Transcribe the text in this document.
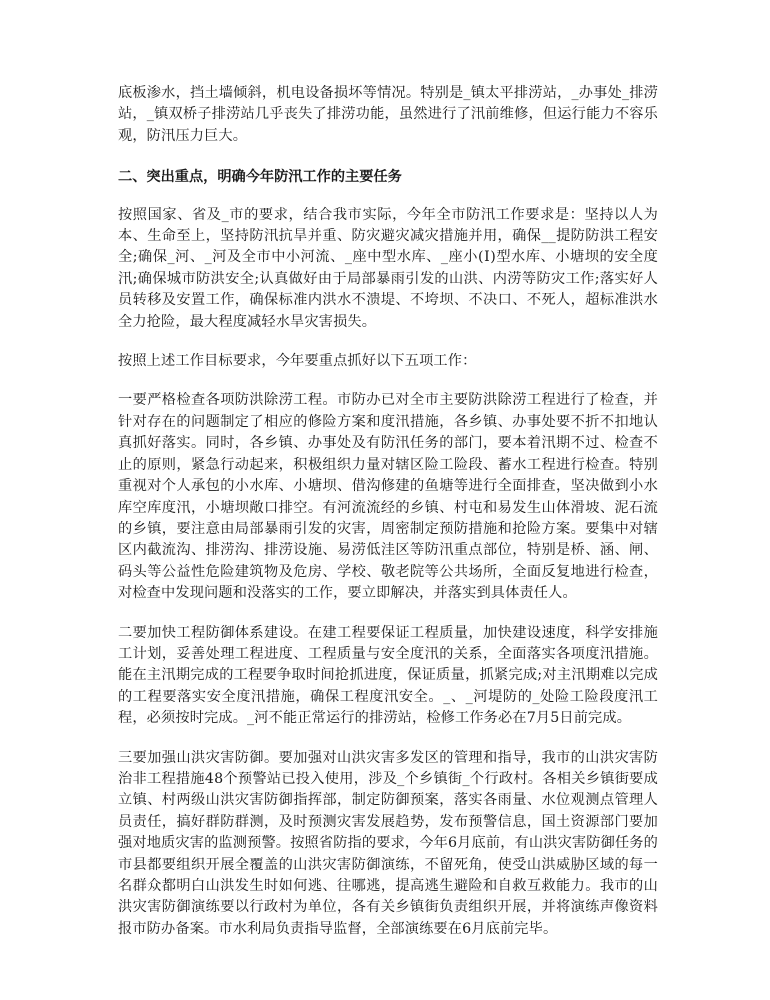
底板渗水，挡土墙倾斜，机电设备损坏等情况。特别是_镇太平排涝站，_办事处_排涝站，_镇双桥子排涝站几乎丧失了排涝功能，虽然进行了汛前维修，但运行能力不容乐观，防汛压力巨大。

二、突出重点，明确今年防汛工作的主要任务

按照国家、省及_市的要求，结合我市实际，今年全市防汛工作要求是：坚持以人为本、生命至上，坚持防汛抗旱并重、防灾避灾减灾措施并用，确保__提防防洪工程安全;确保_河、_河及全市中小河流、_座中型水库、_座小(Ⅰ)型水库、小塘坝的安全度汛;确保城市防洪安全;认真做好由于局部暴雨引发的山洪、内涝等防灾工作;落实好人员转移及安置工作，确保标准内洪水不溃堤、不垮坝、不决口、不死人，超标准洪水全力抢险，最大程度减轻水旱灾害损失。

按照上述工作目标要求，今年要重点抓好以下五项工作：

一要严格检查各项防洪除涝工程。市防办已对全市主要防洪除涝工程进行了检查，并针对存在的问题制定了相应的修险方案和度汛措施，各乡镇、办事处要不折不扣地认真抓好落实。同时，各乡镇、办事处及有防汛任务的部门，要本着汛期不过、检查不止的原则，紧急行动起来，积极组织力量对辖区险工险段、蓄水工程进行检查。特别重视对个人承包的小水库、小塘坝、借沟修建的鱼塘等进行全面排查，坚决做到小水库空库度汛，小塘坝敞口排空。有河流流经的乡镇、村屯和易发生山体滑坡、泥石流的乡镇，要注意由局部暴雨引发的灾害，周密制定预防措施和抢险方案。要集中对辖区内截流沟、排涝沟、排涝设施、易涝低洼区等防汛重点部位，特别是桥、涵、闸、码头等公益性危险建筑物及危房、学校、敬老院等公共场所，全面反复地进行检查，对检查中发现问题和没落实的工作，要立即解决，并落实到具体责任人。

二要加快工程防御体系建设。在建工程要保证工程质量，加快建设速度，科学安排施工计划，妥善处理工程进度、工程质量与安全度汛的关系，全面落实各项度汛措施。能在主汛期完成的工程要争取时间抢抓进度，保证质量，抓紧完成;对主汛期难以完成的工程要落实安全度汛措施，确保工程度汛安全。_、_河堤防的_处险工险段度汛工程，必须按时完成。_河不能正常运行的排涝站，检修工作务必在7月5日前完成。

三要加强山洪灾害防御。要加强对山洪灾害多发区的管理和指导，我市的山洪灾害防治非工程措施48个预警站已投入使用，涉及_个乡镇街_个行政村。各相关乡镇街要成立镇、村两级山洪灾害防御指挥部，制定防御预案，落实各雨量、水位观测点管理人员责任，搞好群防群测，及时预测灾害发展趋势，发布预警信息，国土资源部门要加强对地质灾害的监测预警。按照省防指的要求，今年6月底前，有山洪灾害防御任务的市县都要组织开展全覆盖的山洪灾害防御演练，不留死角，使受山洪威胁区域的每一名群众都明白山洪发生时如何逃、往哪逃，提高逃生避险和自救互救能力。我市的山洪灾害防御演练要以行政村为单位，各有关乡镇街负责组织开展，并将演练声像资料报市防办备案。市水利局负责指导监督，全部演练要在6月底前完毕。
